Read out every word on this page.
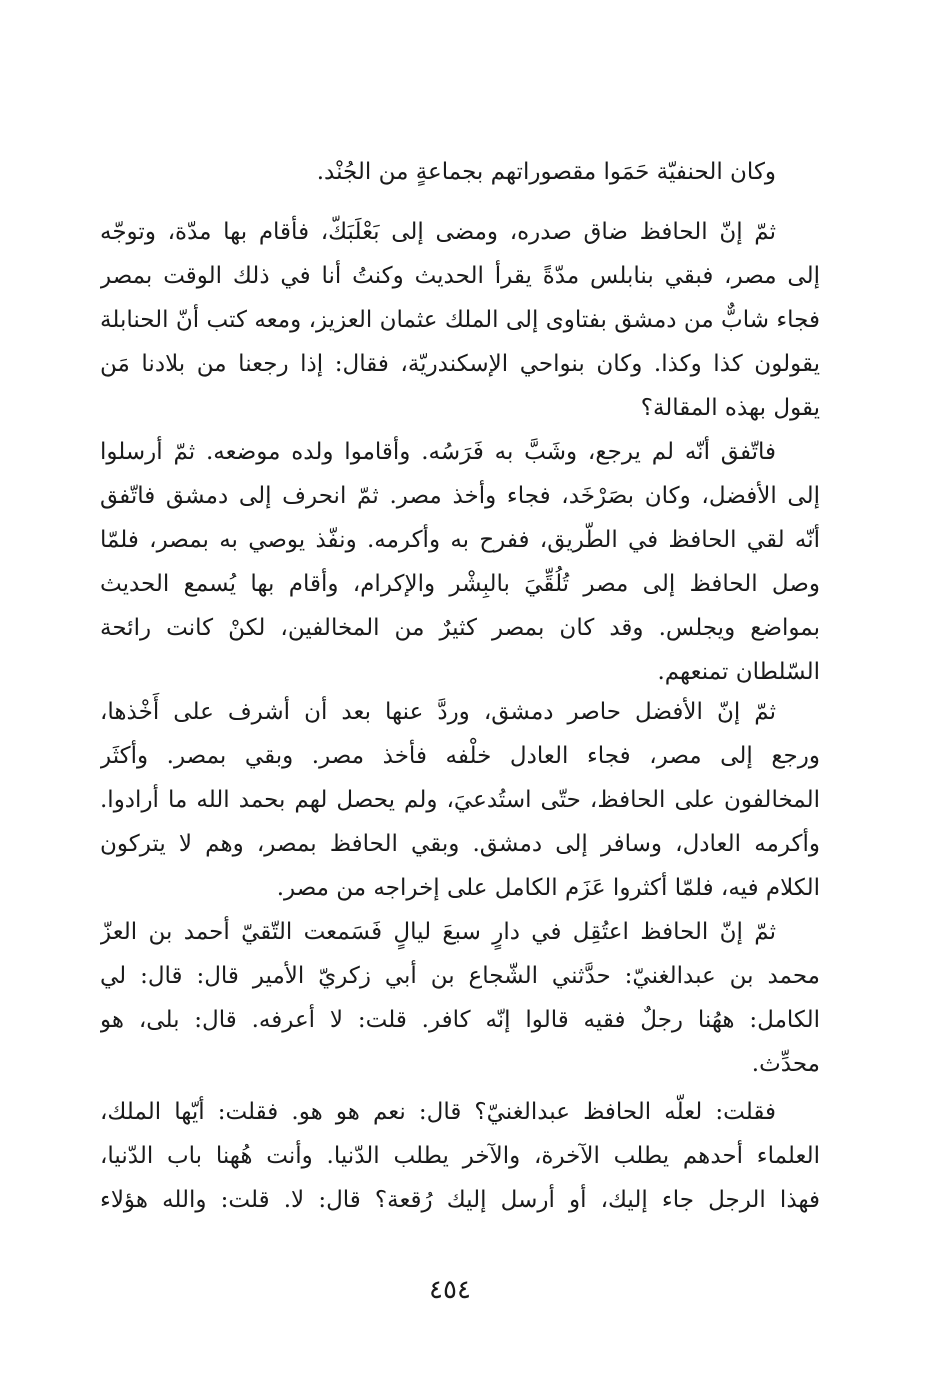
وكان الحنفيّة حَمَوا مقصوراتهم بجماعةٍ من الجُنْد.
ثمّ إنّ الحافظ ضاق صدره، ومضى إلى بَعْلَبَكّ، فأقام بها مدّة، وتوجّه
إلى مصر، فبقي بنابلس مدّةً يقرأ الحديث وكنتُ أنا في ذلك الوقت بمصر
فجاء شابٌّ من دمشق بفتاوى إلى الملك عثمان العزيز، ومعه كتب أنّ الحنابلة
يقولون كذا وكذا. وكان بنواحي الإسكندريّة، فقال: إذا رجعنا من بلادنا مَن
يقول بهذه المقالة؟
فاتّفق أنّه لم يرجع، وشَبَّ به فَرَسُه. وأقاموا ولده موضعه. ثمّ أرسلوا
إلى الأفضل، وكان بصَرْخَد، فجاء وأخذ مصر. ثمّ انحرف إلى دمشق فاتّفق
أنّه لقي الحافظ في الطّريق، ففرح به وأكرمه. ونفّذ يوصي به بمصر، فلمّا
وصل الحافظ إلى مصر تُلُقِّيَ بالبِشْر والإكرام، وأقام بها يُسمع الحديث
بمواضع ويجلس. وقد كان بمصر كثيرٌ من المخالفين، لكنْ كانت رائحة
السّلطان تمنعهم.
ثمّ إنّ الأفضل حاصر دمشق، وردَّ عنها بعد أن أشرف على أَخْذها،
ورجع إلى مصر، فجاء العادل خلْفه فأخذ مصر. وبقي بمصر. وأكثَر
المخالفون على الحافظ، حتّى استُدعيَ، ولم يحصل لهم بحمد الله ما أرادوا.
وأكرمه العادل، وسافر إلى دمشق. وبقي الحافظ بمصر، وهم لا يتركون
الكلام فيه، فلمّا أكثروا عَزَم الكامل على إخراجه من مصر.
ثمّ إنّ الحافظ اعتُقِل في دارٍ سبعَ ليالٍ فَسَمعت التّقيّ أحمد بن العزّ
محمد بن عبدالغنيّ: حدَّثني الشّجاع بن أبي زكريّ الأمير قال: قال: لي
الكامل: ههُنا رجلٌ فقيه قالوا إنّه كافر. قلت: لا أعرفه. قال: بلى، هو
محدِّث.
فقلت: لعلّه الحافظ عبدالغنيّ؟ قال: نعم هو هو. فقلت: أيّها الملك،
العلماء أحدهم يطلب الآخرة، والآخر يطلب الدّنيا. وأنت هُهنا باب الدّنيا،
فهذا الرجل جاء إليك، أو أرسل إليك رُقعة؟ قال: لا. قلت: والله هؤلاء
٤٥٤
